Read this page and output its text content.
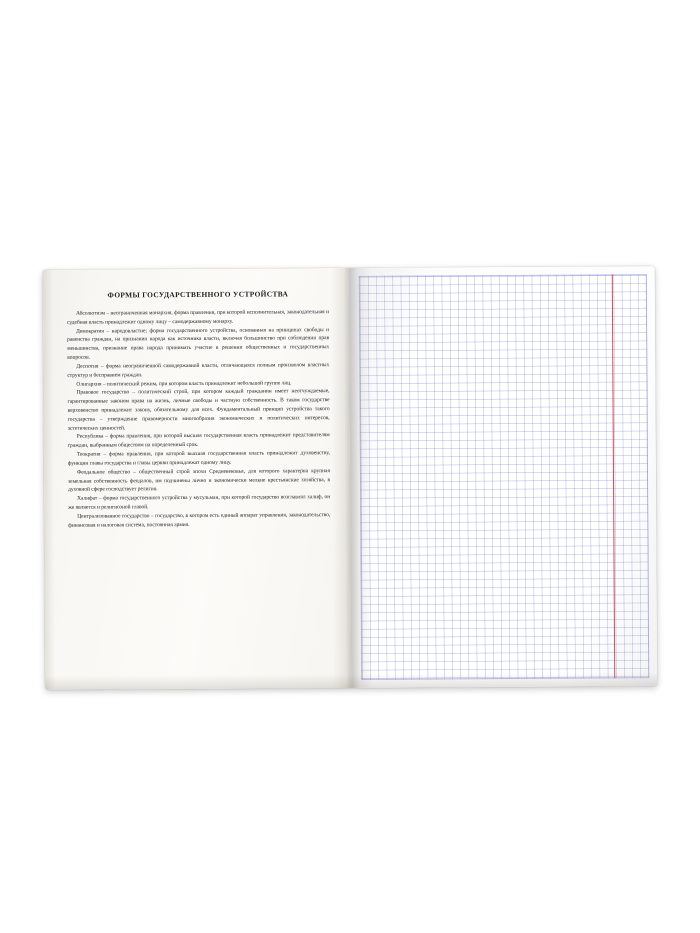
ФОРМЫ ГОСУДАРСТВЕННОГО УСТРОЙСТВА

Абсолютизм – неограниченная монархия, форма правления, при которой исполнительная, законодательная и судебная власть принадлежит одному лицу – самодержавному монарху.

Демократия – народовластие; форма государственного устройства, основанная на принципах свободы и равенства граждан, на признании народа как источника власти, включая большинство при соблюдении прав меньшинства, признание права народа принимать участие в решении общественных и государственных вопросов.

Деспотия – форма неограниченной самодержавной власти, отличающаяся полным произволом властных структур и бесправием граждан.

Олигархия – политический режим, при котором власть принадлежит небольшой группе лиц.

Правовое государство – политический строй, при котором каждый гражданин имеет неотчуждаемые, гарантированные законом права на жизнь, личные свободы и частную собственность. В таком государстве верховенство принадлежит закону, обязательному для всех. Фундаментальный принцип устройства такого государства – утверждение правомерности многообразия экономических и политических интересов, эстетических ценностей.

Республика – форма правления, при которой высшая государственная власть принадлежит представителям граждан, выбранным обществом на определенный срок.

Теократия – форма правления, при которой высшая государственная власть принадлежит духовенству, функции главы государства и главы церкви принадлежат одному лицу.

Феодальное общество – общественный строй эпохи Средневековья, для которого характерна крупная земельная собственность феодалов, им подчинены лично и экономически мелкие крестьянские хозяйства, в духовной сфере господствует религия.

Халифат – форма государственного устройства у мусульман, при которой государство возглавлял халиф, он же является и религиозной главой.

Централизованное государство – государство, в котором есть единый аппарат управления, законодательство, финансовая и налоговая система, постоянная армия.
